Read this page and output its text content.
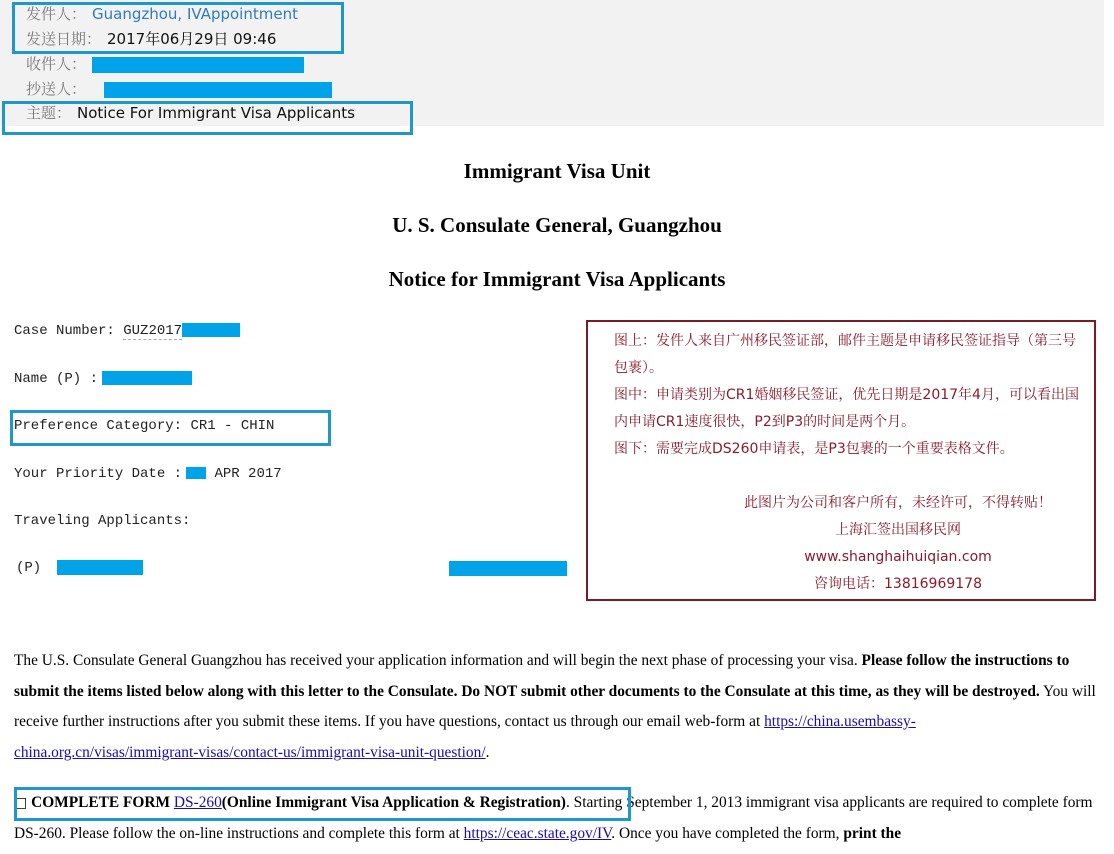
发件人： Guangzhou, IVAppointment
发送日期： 2017年06月29日 09:46
收件人：
抄送人：
主题： Notice For Immigrant Visa Applicants
Immigrant Visa Unit
U. S. Consulate General, Guangzhou
Notice for Immigrant Visa Applicants
Case Number: GUZ2017
Name (P) :
Preference Category: CR1 - CHIN
Your Priority Date : APR 2017
Traveling Applicants:
(P)
图上：发件人来自广州移民签证部，邮件主题是申请移民签证指导（第三号包裹）。
图中：申请类别为CR1婚姻移民签证，优先日期是2017年4月，可以看出国内申请CR1速度很快，P2到P3的时间是两个月。
图下：需要完成DS260申请表，是P3包裹的一个重要表格文件。
此图片为公司和客户所有，未经许可，不得转贴！
上海汇签出国移民网
www.shanghaihuiqian.com
咨询电话：13816969178
The U.S. Consulate General Guangzhou has received your application information and will begin the next phase of processing your visa. Please follow the instructions to submit the items listed below along with this letter to the Consulate. Do NOT submit other documents to the Consulate at this time, as they will be destroyed. You will receive further instructions after you submit these items. If you have questions, contact us through our email web-form at https://china.usembassy-china.org.cn/visas/immigrant-visas/contact-us/immigrant-visa-unit-question/.
□ COMPLETE FORM DS-260(Online Immigrant Visa Application & Registration). Starting September 1, 2013 immigrant visa applicants are required to complete form DS-260. Please follow the on-line instructions and complete this form at https://ceac.state.gov/IV. Once you have completed the form, print the
